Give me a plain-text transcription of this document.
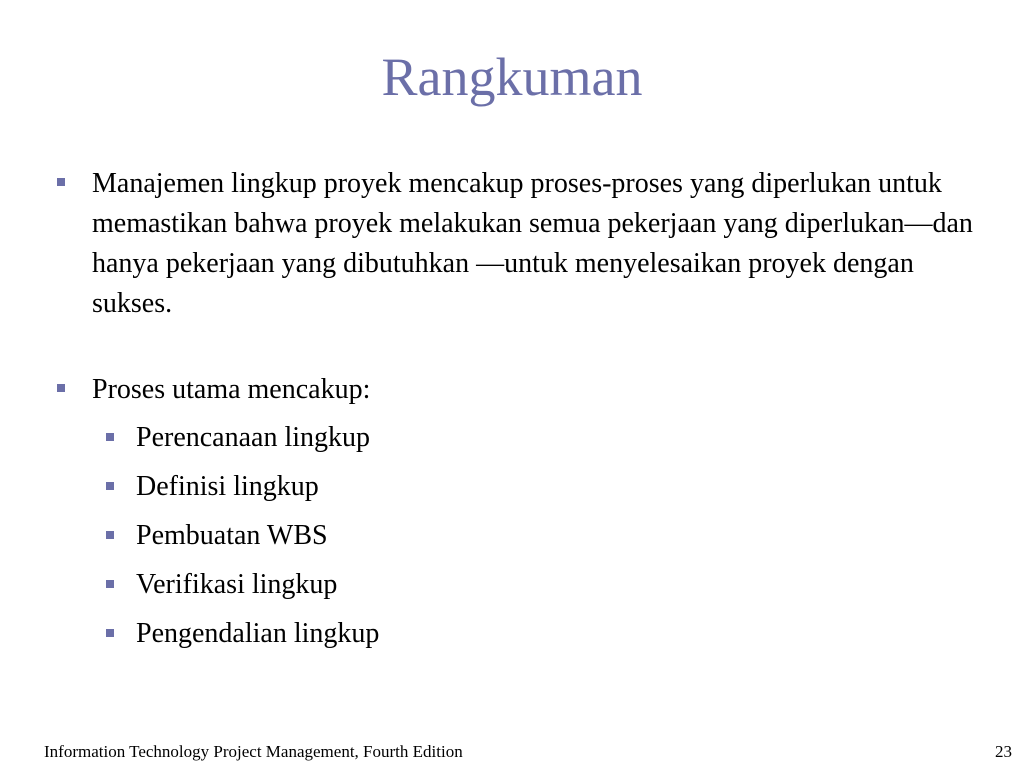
Rangkuman
Manajemen lingkup proyek mencakup proses-proses yang diperlukan untuk memastikan bahwa proyek melakukan semua pekerjaan yang diperlukan—dan hanya pekerjaan yang dibutuhkan —untuk menyelesaikan proyek dengan sukses.
Proses utama mencakup:
Perencanaan lingkup
Definisi lingkup
Pembuatan WBS
Verifikasi lingkup
Pengendalian lingkup
Information Technology Project Management, Fourth Edition	23
